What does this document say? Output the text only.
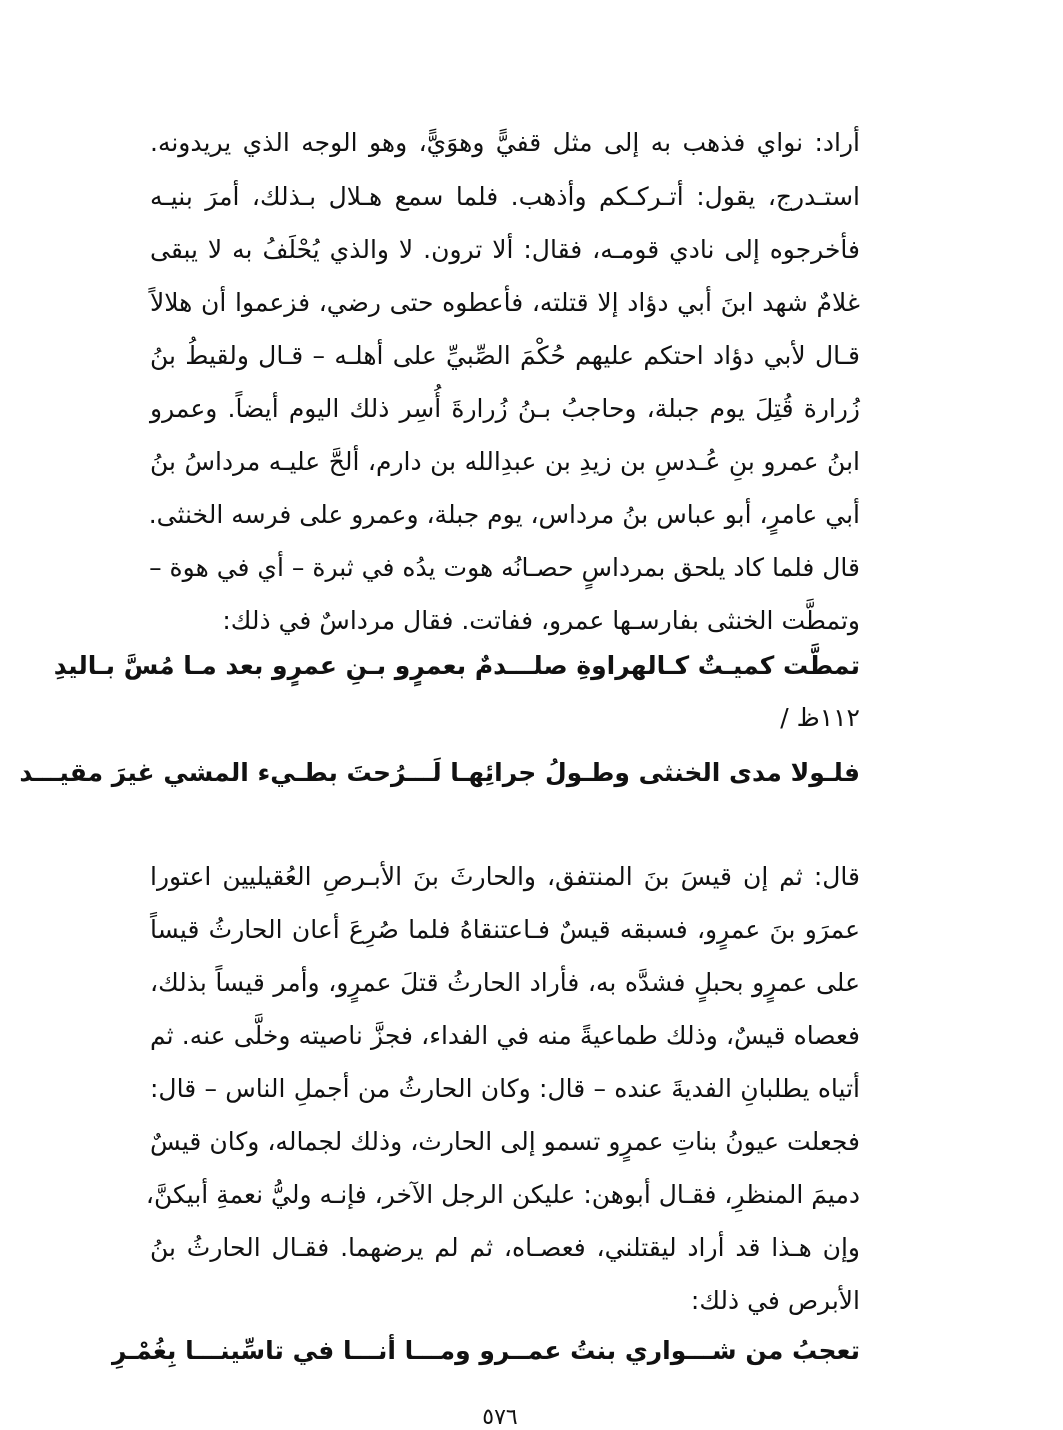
أراد: نواي فذهب به إلى مثل قفيًّ وهوَيًّ، وهو الوجه الذي يريدونه.
استـدرج، يقول: أتـركـكم وأذهب. فلما سمع هـلال بـذلك، أمرَ بنيـه
فأخرجوه إلى نادي قومـه، فقال: ألا ترون. لا والذي يُحْلَفُ به لا يبقى
غلامٌ شهد ابنَ أبي دؤاد إلا قتلته، فأعطوه حتى رضي، فزعموا أن هلالاً
قـال لأبي دؤاد احتكم عليهم حُكْمَ الصِّبيِّ على أهلـه – قـال ولقيطُ بنُ
زُرارة قُتِلَ يوم جبلة، وحاجبُ بـنُ زُرارةَ أُسِر ذلك اليوم أيضاً. وعمرو
ابنُ عمرو بنِ عُـدسِ بن زيدِ بن عبدِالله بن دارم، ألحَّ عليـه مرداسُ بنُ
أبي عامرٍ، أبو عباس بنُ مرداس، يوم جبلة، وعمرو على فرسه الخنثى.
قال فلما كاد يلحق بمرداسٍ حصـانُه هوت يدُه في ثبرة – أي في هوة –
وتمطَّت الخنثى بفارسـها عمرو، ففاتت. فقال مرداسٌ في ذلك:
تمطَّت كميـتٌ كـالهراوةِ صلـــدمٌ بعمرٍو بـنِ عمرٍو بعد مـا مُسَّ بـاليدِ
١١٢ظ /
فلـولا مدى الخنثى وطـولُ جرائِهـا لَـــرُحتَ بطـيء المشي غيرَ مقيـــد
قال: ثم إن قيسَ بنَ المنتفق، والحارثَ بنَ الأبـرصِ العُقيليين اعتورا
عمرَو بنَ عمرٍو، فسبقه قيسٌ فـاعتنقاهُ فلما صُرِعَ أعان الحارثُ قيساً
على عمرٍو بحبلٍ فشدَّه به، فأراد الحارثُ قتلَ عمرٍو، وأمر قيساً بذلك،
فعصاه قيسٌ، وذلك طماعيةً منه في الفداء، فجزَّ ناصيته وخلَّى عنه. ثم
أتياه يطلبانِ الفديةَ عنده – قال: وكان الحارثُ من أجملِ الناس – قال:
فجعلت عيونُ بناتِ عمرٍو تسمو إلى الحارث، وذلك لجماله، وكان قيسٌ
دميمَ المنظرِ، فقـال أبوهن: عليكن الرجل الآخر، فإنـه وليُّ نعمةِ أبيكنَّ،
وإن هـذا قد أراد ليقتلني، فعصـاه، ثم لم يرضهما. فقـال الحارثُ بنُ
الأبرص في ذلك:
تعجبُ من شـــواري بنتُ عمــرو ومـــا أنـــا في تاسِّينـــا بِغُمْـرِ
٥٧٦
